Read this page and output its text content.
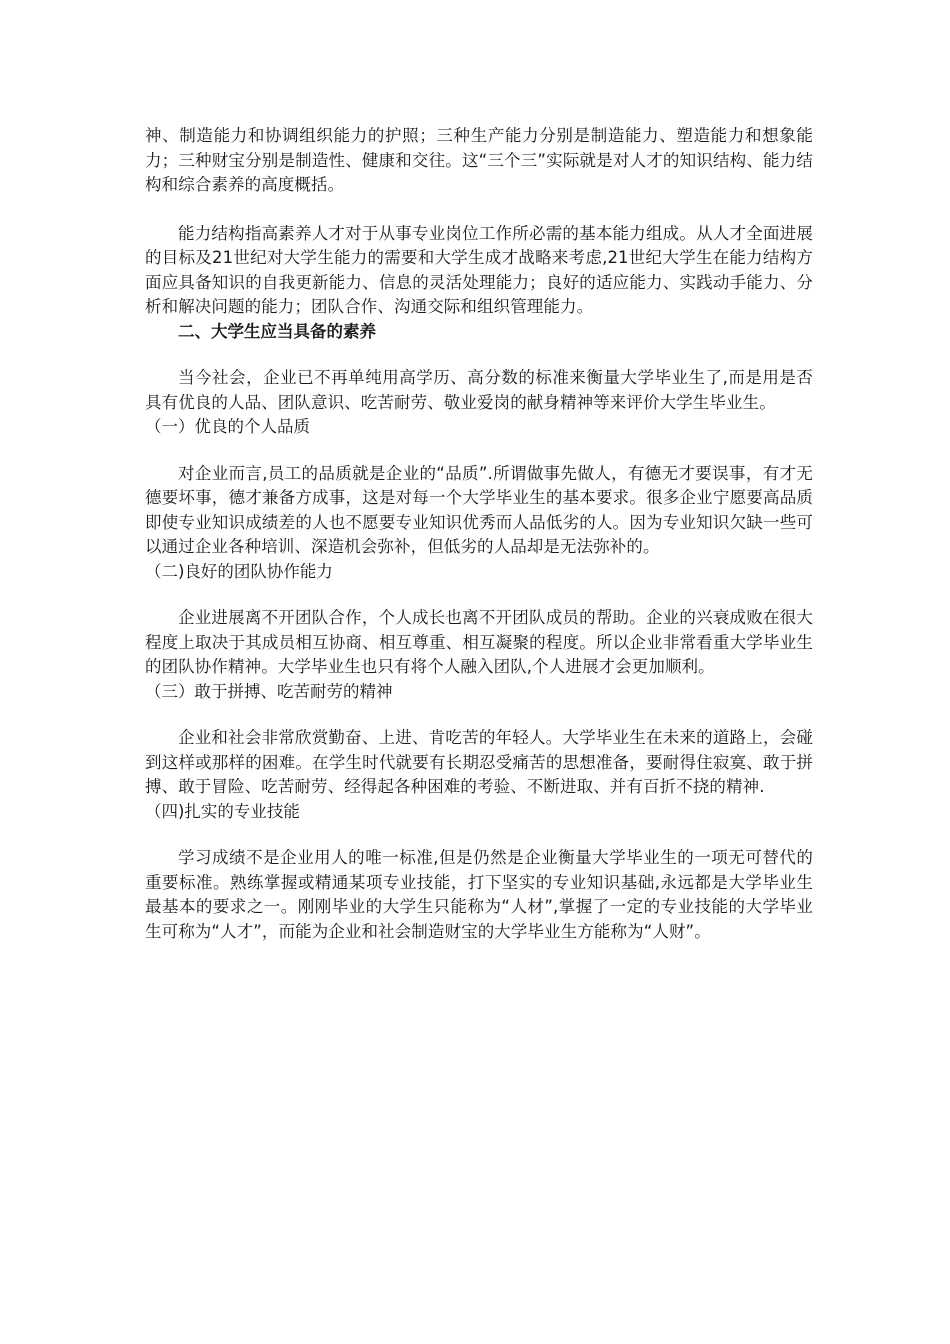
神、制造能力和协调组织能力的护照；三种生产能力分别是制造能力、塑造能力和想象能力；三种财宝分别是制造性、健康和交往。这“三个三”实际就是对人才的知识结构、能力结构和综合素养的高度概括。

能力结构指高素养人才对于从事专业岗位工作所必需的基本能力组成。从人才全面进展的目标及21世纪对大学生能力的需要和大学生成才战略来考虑,21世纪大学生在能力结构方面应具备知识的自我更新能力、信息的灵活处理能力；良好的适应能力、实践动手能力、分析和解决问题的能力；团队合作、沟通交际和组织管理能力。

二、大学生应当具备的素养

当今社会，企业已不再单纯用高学历、高分数的标准来衡量大学毕业生了,而是用是否具有优良的人品、团队意识、吃苦耐劳、敬业爱岗的献身精神等来评价大学生毕业生。

（一）优良的个人品质

对企业而言,员工的品质就是企业的“品质”.所谓做事先做人，有德无才要误事，有才无德要坏事，德才兼备方成事，这是对每一个大学毕业生的基本要求。很多企业宁愿要高品质即使专业知识成绩差的人也不愿要专业知识优秀而人品低劣的人。因为专业知识欠缺一些可以通过企业各种培训、深造机会弥补，但低劣的人品却是无法弥补的。

（二)良好的团队协作能力

企业进展离不开团队合作，个人成长也离不开团队成员的帮助。企业的兴衰成败在很大程度上取决于其成员相互协商、相互尊重、相互凝聚的程度。所以企业非常看重大学毕业生的团队协作精神。大学毕业生也只有将个人融入团队,个人进展才会更加顺利。

（三）敢于拼搏、吃苦耐劳的精神

企业和社会非常欣赏勤奋、上进、肯吃苦的年轻人。大学毕业生在未来的道路上，会碰到这样或那样的困难。在学生时代就要有长期忍受痛苦的思想准备，要耐得住寂寞、敢于拼搏、敢于冒险、吃苦耐劳、经得起各种困难的考验、不断进取、并有百折不挠的精神.

（四)扎实的专业技能

学习成绩不是企业用人的唯一标准,但是仍然是企业衡量大学毕业生的一项无可替代的重要标准。熟练掌握或精通某项专业技能，打下坚实的专业知识基础,永远都是大学毕业生最基本的要求之一。刚刚毕业的大学生只能称为“人材”,掌握了一定的专业技能的大学毕业生可称为“人才”，而能为企业和社会制造财宝的大学毕业生方能称为“人财”。
